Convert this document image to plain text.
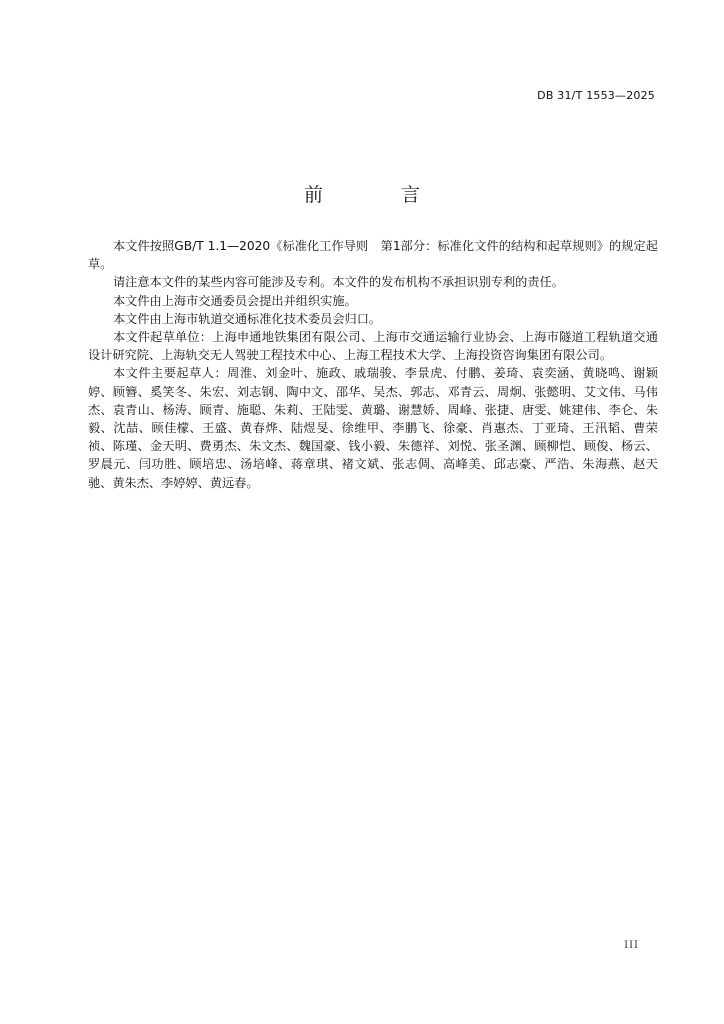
DB 31/T 1553—2025
前 言

本文件按照GB/T 1.1—2020《标准化工作导则　第1部分：标准化文件的结构和起草规则》的规定起草。

请注意本文件的某些内容可能涉及专利。本文件的发布机构不承担识别专利的责任。

本文件由上海市交通委员会提出并组织实施。

本文件由上海市轨道交通标准化技术委员会归口。

本文件起草单位：上海申通地铁集团有限公司、上海市交通运输行业协会、上海市隧道工程轨道交通设计研究院、上海轨交无人驾驶工程技术中心、上海工程技术大学、上海投资咨询集团有限公司。

本文件主要起草人：周淮、刘金叶、施政、戚瑞骏、李景虎、付鹏、姜琦、袁奕涵、黄晓鸣、谢颖婷、顾簪、奚笑冬、朱宏、刘志钢、陶中文、邵华、吴杰、郭志、邓青云、周炯、张懿明、艾文伟、马伟杰、袁青山、杨涛、顾青、施聪、朱莉、王陆雯、黄璐、谢慧娇、周峰、张捷、唐雯、姚建伟、李仑、朱毅、沈喆、顾佳檬、王盛、黄春烨、陆煜旻、徐维甲、李鹏飞、徐豪、肖惠杰、丁亚琦、王汛韬、曹荣祯、陈瑾、金天明、费勇杰、朱文杰、魏国豪、钱小毅、朱德祥、刘悦、张圣渊、顾柳恺、顾俊、杨云、罗晨元、闫功胜、顾培忠、汤培峰、蒋章琪、褚文斌、张志倜、高峰美、邱志豪、严浩、朱海燕、赵天驰、黄朱杰、李婷婷、黄远春。

III
